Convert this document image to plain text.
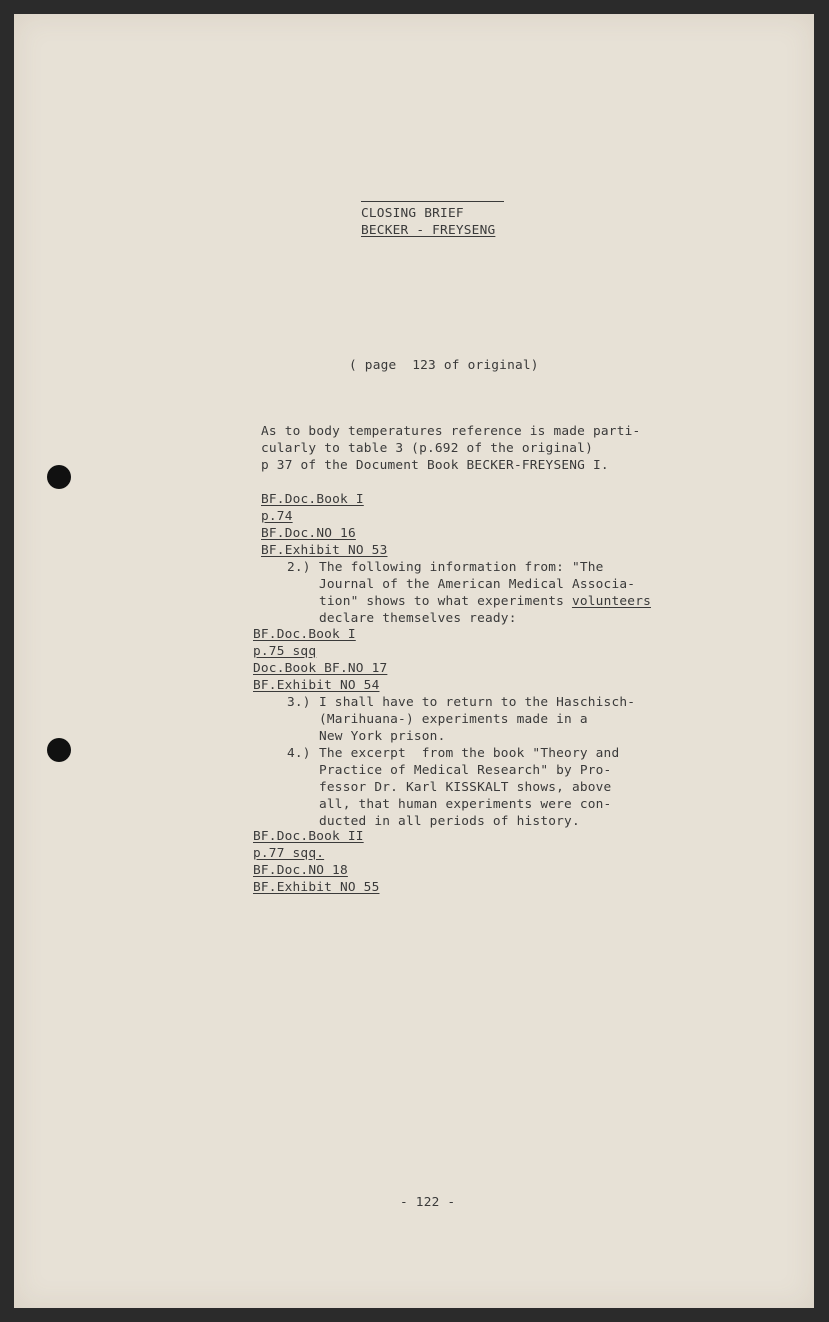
CLOSING BRIEF
BECKER - FREYSENG
( page  123 of original)
As to body temperatures reference is made parti-
cularly to table 3 (p.692 of the original)
p 37 of the Document Book BECKER-FREYSENG I.
BF.Doc.Book I
p.74
BF.Doc.NO 16
BF.Exhibit NO 53
2.) The following information from: "The
Journal of the American Medical Associa-
tion" shows to what experiments volunteers
declare themselves ready:
BF.Doc.Book I
p.75 sqq
Doc.Book BF.NO 17
BF.Exhibit NO 54
3.) I shall have to return to the Haschisch-
(Marihuana-) experiments made in a
New York prison.
4.) The excerpt  from the book "Theory and
Practice of Medical Research" by Pro-
fessor Dr. Karl KISSKALT shows, above
all, that human experiments were con-
ducted in all periods of history.
BF.Doc.Book II
p.77 sqq.
BF.Doc.NO 18
BF.Exhibit NO 55
- 122 -
